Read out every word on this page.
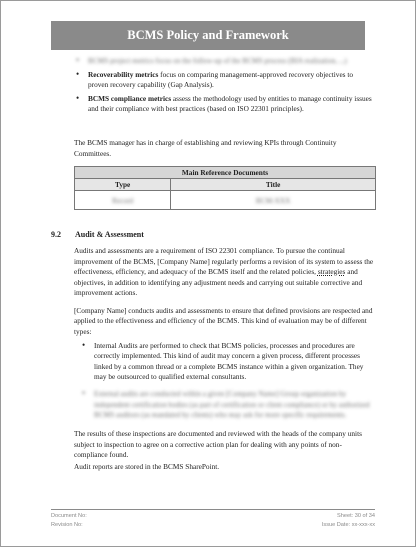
BCMS Policy and Framework
• BCMS project metrics focus on the follow-up of the BCMS process (BIA realization, ...)
• Recoverability metrics focus on comparing management-approved recovery objectives to proven recovery capability (Gap Analysis).
• BCMS compliance metrics assess the methodology used by entities to manage continuity issues and their compliance with best practices (based on ISO 22301 principles).

The BCMS manager has in charge of establishing and reviewing KPIs through Continuity Committees.

Main Reference Documents	
Type	Title
Record	BCM-XXX
9.2 Audit & Assessment

Audits and assessments are a requirement of ISO 22301 compliance. To pursue the continual improvement of the BCMS, [Company Name] regularly performs a revision of its system to assess the effectiveness, efficiency, and adequacy of the BCMS itself and the related policies, strategies and objectives, in addition to identifying any adjustment needs and carrying out suitable corrective and improvement actions.

[Company Name] conducts audits and assessments to ensure that defined provisions are respected and applied to the effectiveness and efficiency of the BCMS. This kind of evaluation may be of different types:

• Internal Audits are performed to check that BCMS policies, processes and procedures are correctly implemented. This kind of audit may concern a given process, different processes linked by a common thread or a complete BCMS instance within a given organization. They may be outsourced to qualified external consultants.
• External audits are conducted within a given [Company Name] Group organization by independent certification bodies (as part of certification or client compliance) or by authorized BCMS auditors (as mandated by clients) who may ask for more specific requirements.

The results of these inspections are documented and reviewed with the heads of the company units subject to inspection to agree on a corrective action plan for dealing with any points of non-compliance found.

Audit reports are stored in the BCMS SharePoint.

Document No:	Sheet: 30 of 34
Revision No:	Issue Date: xx-xxx-xx
